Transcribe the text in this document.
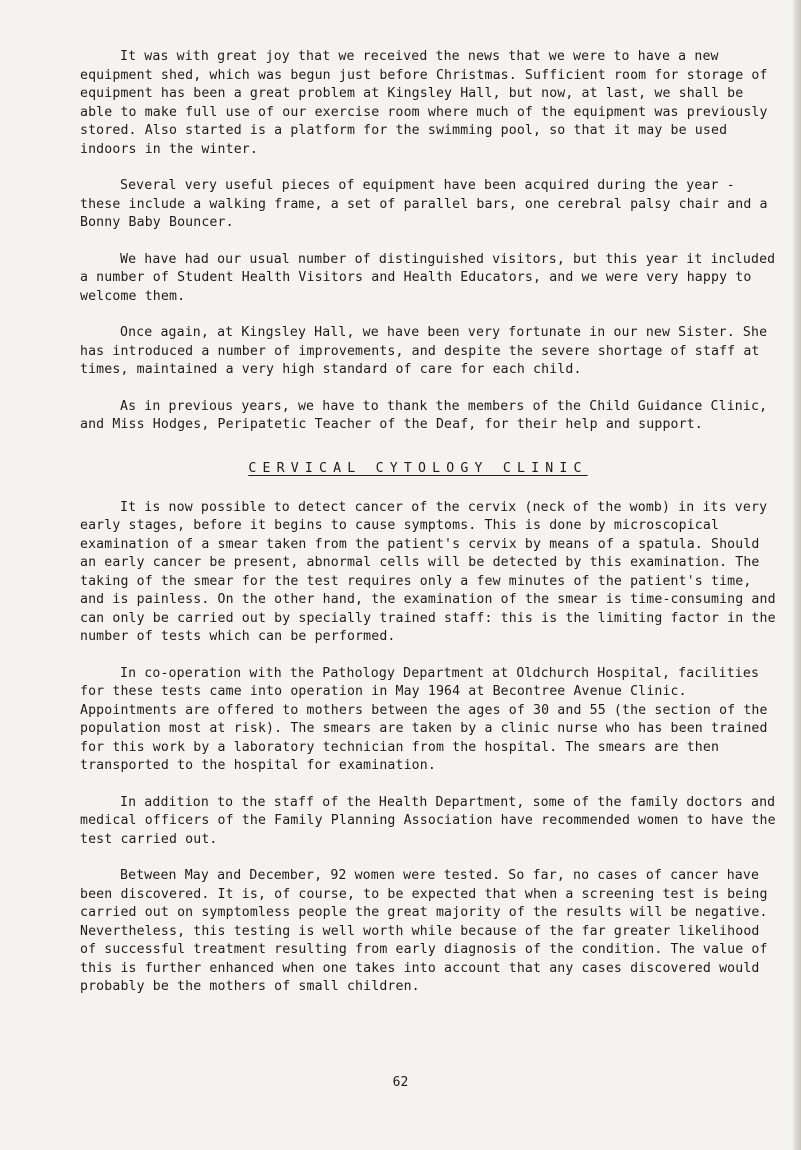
It was with great joy that we received the news that we were to have a new equipment shed, which was begun just before Christmas. Sufficient room for storage of equipment has been a great problem at Kingsley Hall, but now, at last, we shall be able to make full use of our exercise room where much of the equipment was previously stored. Also started is a platform for the swimming pool, so that it may be used indoors in the winter.

Several very useful pieces of equipment have been acquired during the year - these include a walking frame, a set of parallel bars, one cerebral palsy chair and a Bonny Baby Bouncer.

We have had our usual number of distinguished visitors, but this year it included a number of Student Health Visitors and Health Educators, and we were very happy to welcome them.

Once again, at Kingsley Hall, we have been very fortunate in our new Sister. She has introduced a number of improvements, and despite the severe shortage of staff at times, maintained a very high standard of care for each child.

As in previous years, we have to thank the members of the Child Guidance Clinic, and Miss Hodges, Peripatetic Teacher of the Deaf, for their help and support.

CERVICAL CYTOLOGY CLINIC

It is now possible to detect cancer of the cervix (neck of the womb) in its very early stages, before it begins to cause symptoms. This is done by microscopical examination of a smear taken from the patient's cervix by means of a spatula. Should an early cancer be present, abnormal cells will be detected by this examination. The taking of the smear for the test requires only a few minutes of the patient's time, and is painless. On the other hand, the examination of the smear is time-consuming and can only be carried out by specially trained staff: this is the limiting factor in the number of tests which can be performed.

In co-operation with the Pathology Department at Oldchurch Hospital, facilities for these tests came into operation in May 1964 at Becontree Avenue Clinic. Appointments are offered to mothers between the ages of 30 and 55 (the section of the population most at risk). The smears are taken by a clinic nurse who has been trained for this work by a laboratory technician from the hospital. The smears are then transported to the hospital for examination.

In addition to the staff of the Health Department, some of the family doctors and medical officers of the Family Planning Association have recommended women to have the test carried out.

Between May and December, 92 women were tested. So far, no cases of cancer have been discovered. It is, of course, to be expected that when a screening test is being carried out on symptomless people the great majority of the results will be negative. Nevertheless, this testing is well worth while because of the far greater likelihood of successful treatment resulting from early diagnosis of the condition. The value of this is further enhanced when one takes into account that any cases discovered would probably be the mothers of small children.

62
